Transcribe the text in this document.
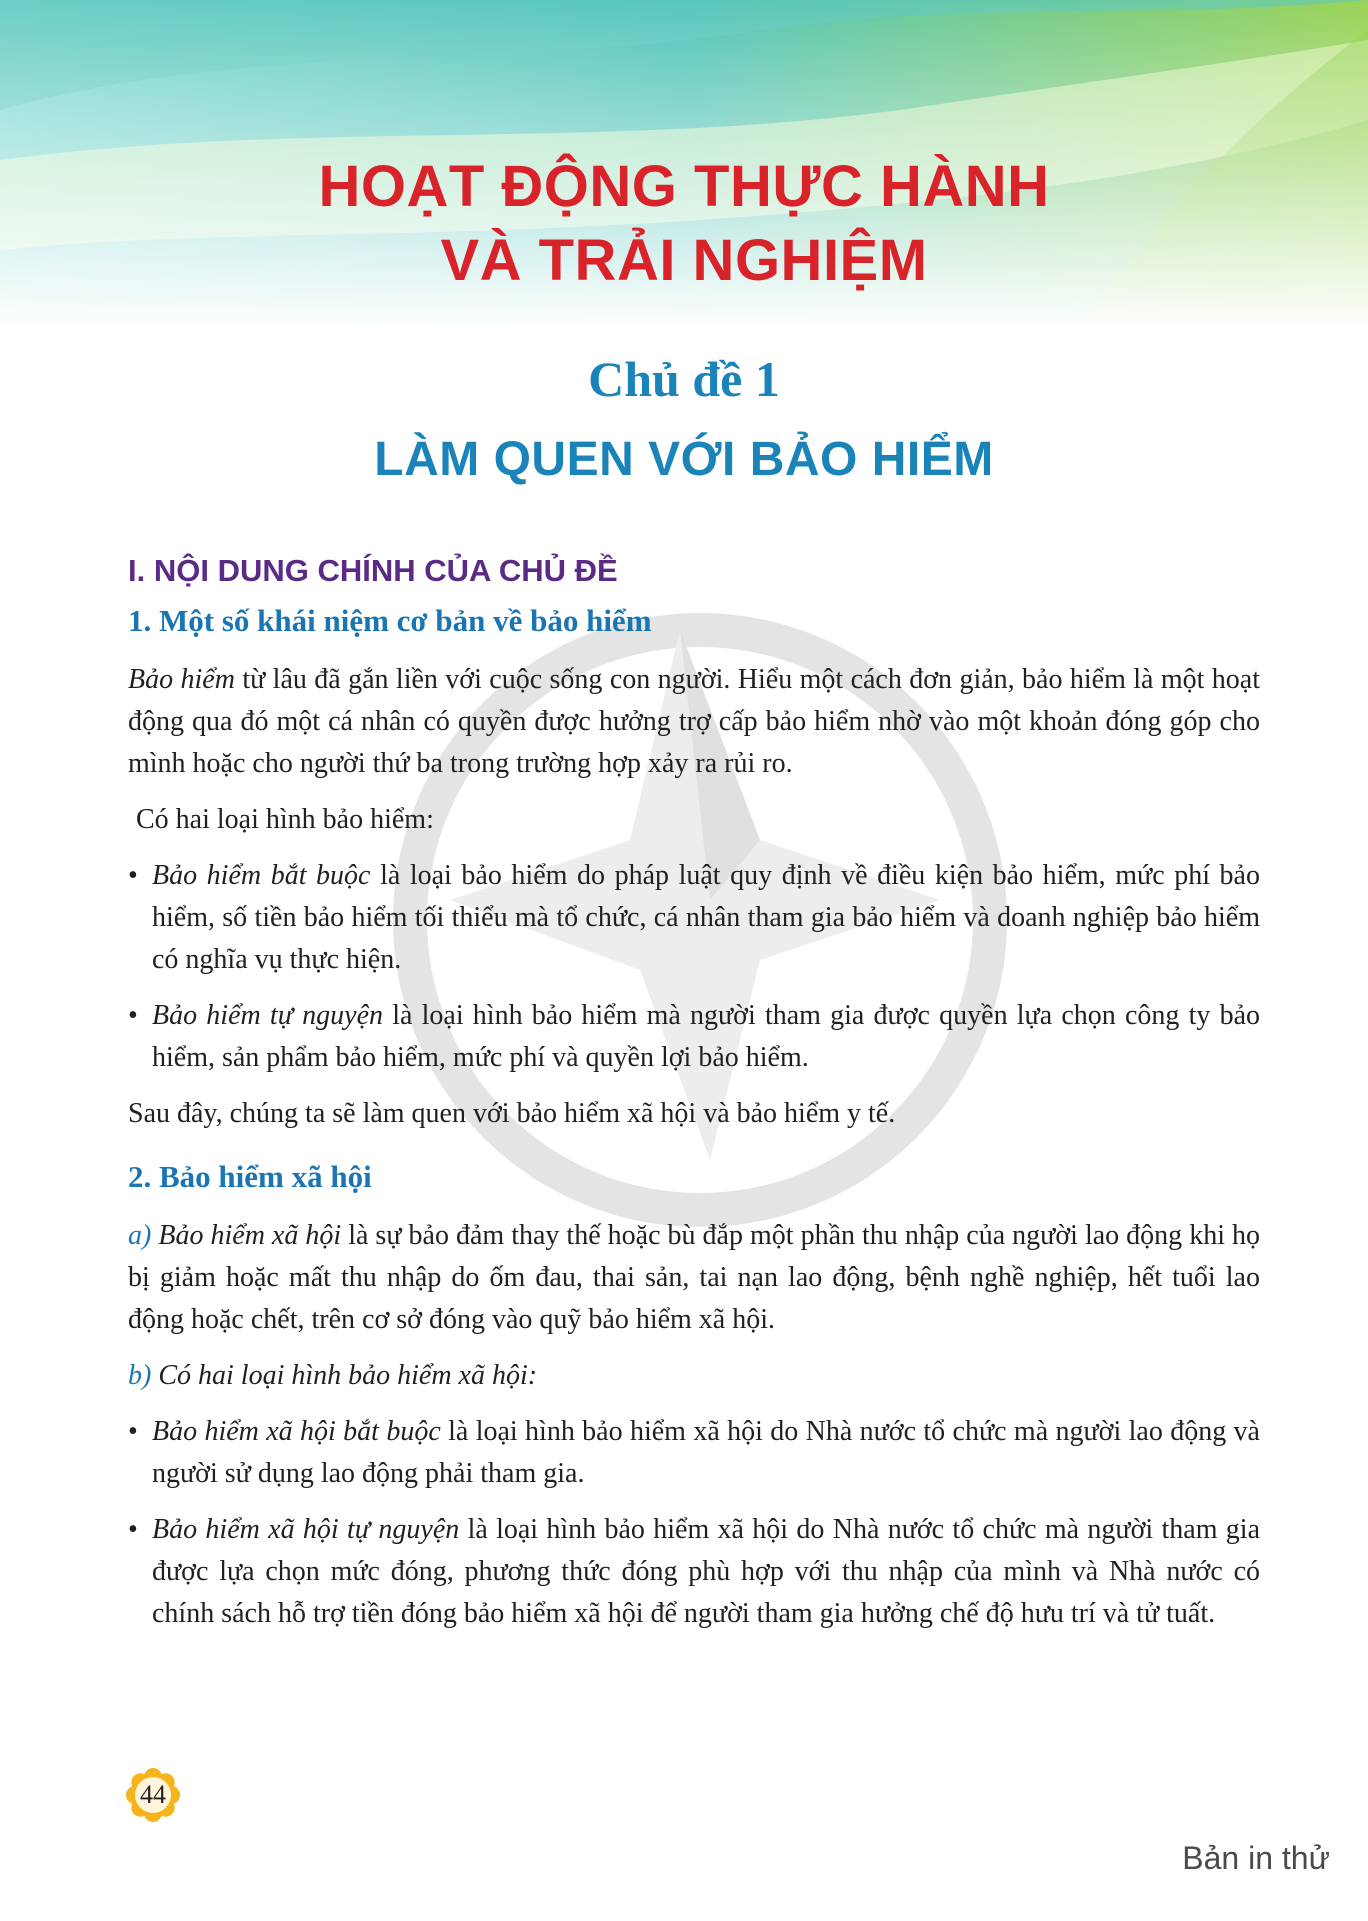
HOẠT ĐỘNG THỰC HÀNH
VÀ TRẢI NGHIỆM
Chủ đề 1
LÀM QUEN VỚI BẢO HIỂM
I. NỘI DUNG CHÍNH CỦA CHỦ ĐỀ
1. Một số khái niệm cơ bản về bảo hiểm

Bảo hiểm từ lâu đã gắn liền với cuộc sống con người. Hiểu một cách đơn giản, bảo hiểm là một hoạt động qua đó một cá nhân có quyền được hưởng trợ cấp bảo hiểm nhờ vào một khoản đóng góp cho mình hoặc cho người thứ ba trong trường hợp xảy ra rủi ro.

Có hai loại hình bảo hiểm:

• Bảo hiểm bắt buộc là loại bảo hiểm do pháp luật quy định về điều kiện bảo hiểm, mức phí bảo hiểm, số tiền bảo hiểm tối thiểu mà tổ chức, cá nhân tham gia bảo hiểm và doanh nghiệp bảo hiểm có nghĩa vụ thực hiện.

• Bảo hiểm tự nguyện là loại hình bảo hiểm mà người tham gia được quyền lựa chọn công ty bảo hiểm, sản phẩm bảo hiểm, mức phí và quyền lợi bảo hiểm.

Sau đây, chúng ta sẽ làm quen với bảo hiểm xã hội và bảo hiểm y tế.

2. Bảo hiểm xã hội

a) Bảo hiểm xã hội là sự bảo đảm thay thế hoặc bù đắp một phần thu nhập của người lao động khi họ bị giảm hoặc mất thu nhập do ốm đau, thai sản, tai nạn lao động, bệnh nghề nghiệp, hết tuổi lao động hoặc chết, trên cơ sở đóng vào quỹ bảo hiểm xã hội.

b) Có hai loại hình bảo hiểm xã hội:

• Bảo hiểm xã hội bắt buộc là loại hình bảo hiểm xã hội do Nhà nước tổ chức mà người lao động và người sử dụng lao động phải tham gia.

• Bảo hiểm xã hội tự nguyện là loại hình bảo hiểm xã hội do Nhà nước tổ chức mà người tham gia được lựa chọn mức đóng, phương thức đóng phù hợp với thu nhập của mình và Nhà nước có chính sách hỗ trợ tiền đóng bảo hiểm xã hội để người tham gia hưởng chế độ hưu trí và tử tuất.

44
Bản in thử
